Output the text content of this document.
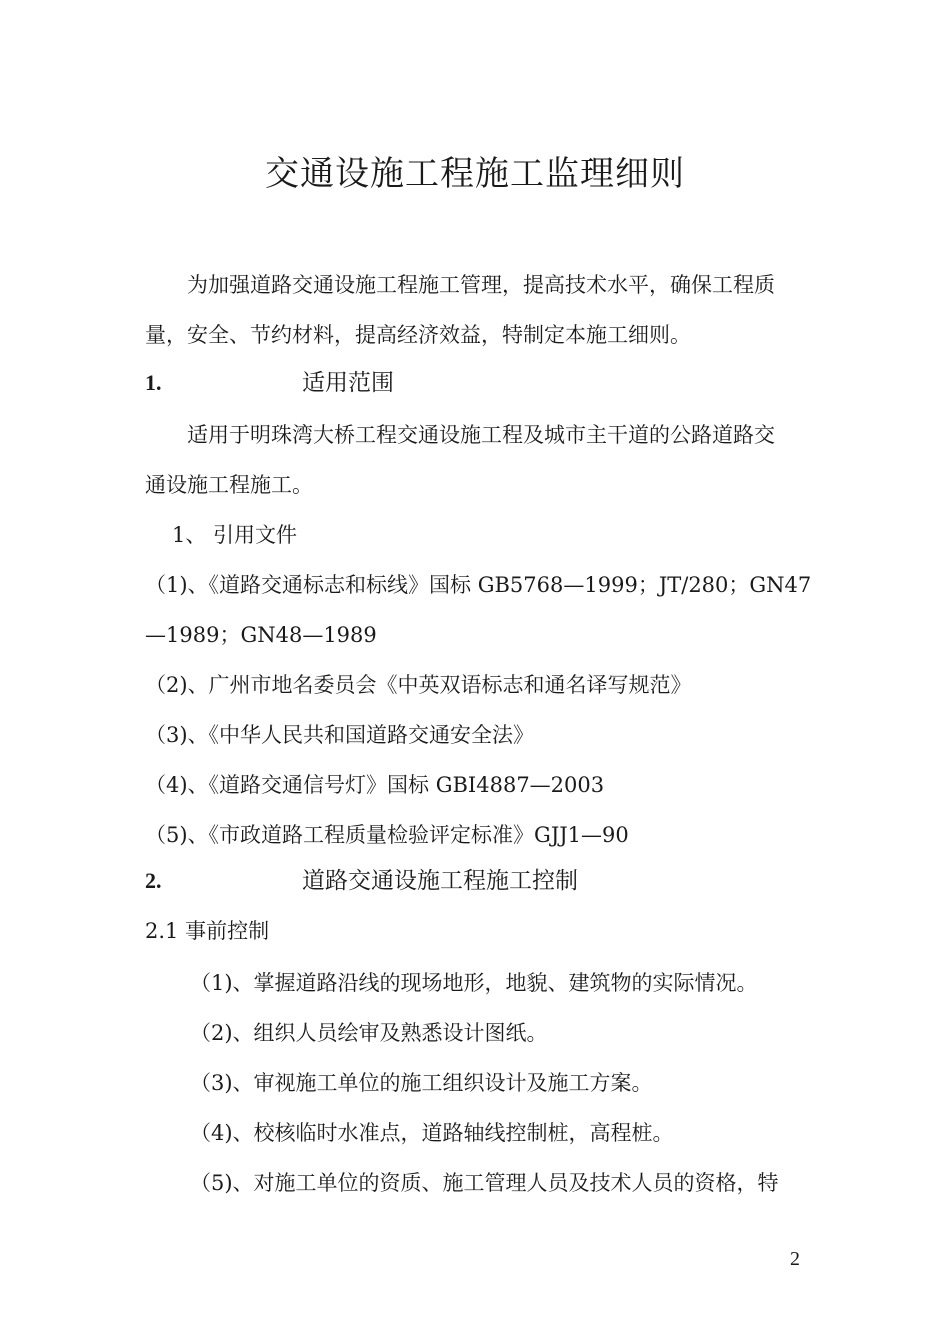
交通设施工程施工监理细则
为加强道路交通设施工程施工管理，提高技术水平，确保工程质
量，安全、节约材料，提高经济效益，特制定本施工细则。
1.	适用范围
适用于明珠湾大桥工程交通设施工程及城市主干道的公路道路交
通设施工程施工。
1、 引用文件
（1)、《道路交通标志和标线》国标 GB5768—1999；JT/280；GN47
—1989；GN48—1989
（2)、广州市地名委员会《中英双语标志和通名译写规范》
（3)、《中华人民共和国道路交通安全法》
（4)、《道路交通信号灯》国标 GBI4887—2003
（5)、《市政道路工程质量检验评定标准》GJJ1—90
2.	道路交通设施工程施工控制
2.1 事前控制
（1)、掌握道路沿线的现场地形，地貌、建筑物的实际情况。
（2)、组织人员绘审及熟悉设计图纸。
（3)、审视施工单位的施工组织设计及施工方案。
（4)、校核临时水准点，道路轴线控制桩，高程桩。
（5)、对施工单位的资质、施工管理人员及技术人员的资格，特
2
